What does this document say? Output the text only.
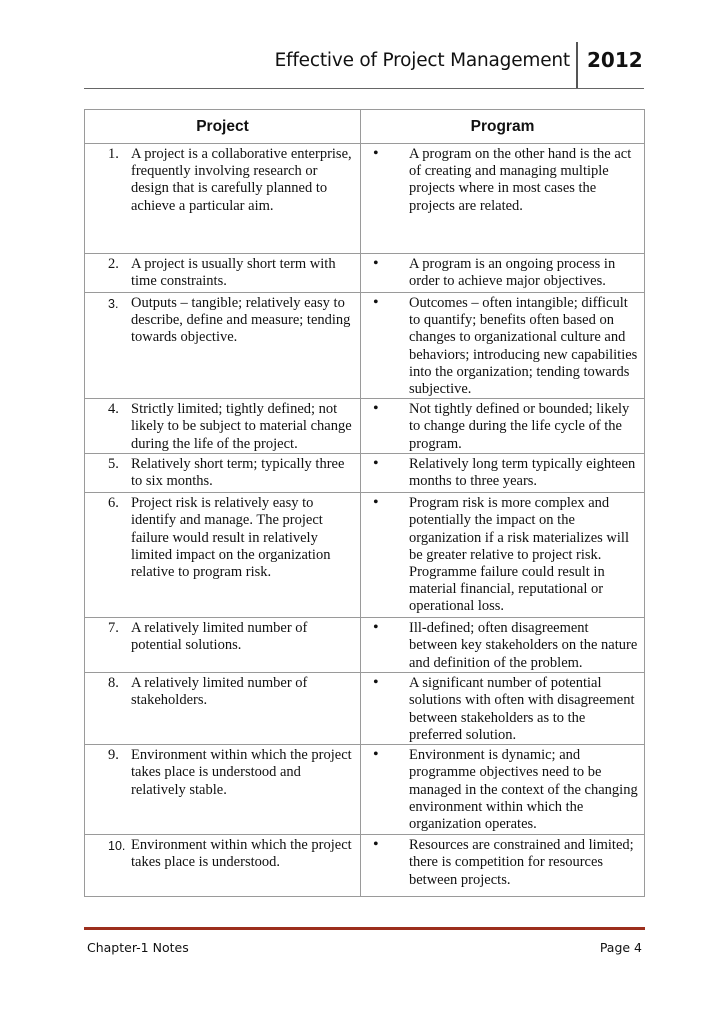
Effective of Project Management 2012
Project	Program

1. A project is a collaborative enterprise, frequently involving research or design that is carefully planned to achieve a particular aim.	• A program on the other hand is the act of creating and managing multiple projects where in most cases the projects are related.

2. A project is usually short term with time constraints.	• A program is an ongoing process in order to achieve major objectives.

3. Outputs – tangible; relatively easy to describe, define and measure; tending towards objective.	• Outcomes – often intangible; difficult to quantify; benefits often based on changes to organizational culture and behaviors; introducing new capabilities into the organization; tending towards subjective.

4. Strictly limited; tightly defined; not likely to be subject to material change during the life of the project.	• Not tightly defined or bounded; likely to change during the life cycle of the program.

5. Relatively short term; typically three to six months.	• Relatively long term typically eighteen months to three years.

6. Project risk is relatively easy to identify and manage. The project failure would result in relatively limited impact on the organization relative to program risk.	• Program risk is more complex and potentially the impact on the organization if a risk materializes will be greater relative to project risk. Programme failure could result in material financial, reputational or operational loss.

7. A relatively limited number of potential solutions.	• Ill-defined; often disagreement between key stakeholders on the nature and definition of the problem.

8. A relatively limited number of stakeholders.	• A significant number of potential solutions with often with disagreement between stakeholders as to the preferred solution.

9. Environment within which the project takes place is understood and relatively stable.	• Environment is dynamic; and programme objectives need to be managed in the context of the changing environment within which the organization operates.

10. Environment within which the project takes place is understood.	• Resources are constrained and limited; there is competition for resources between projects.
Chapter-1 Notes	Page 4
